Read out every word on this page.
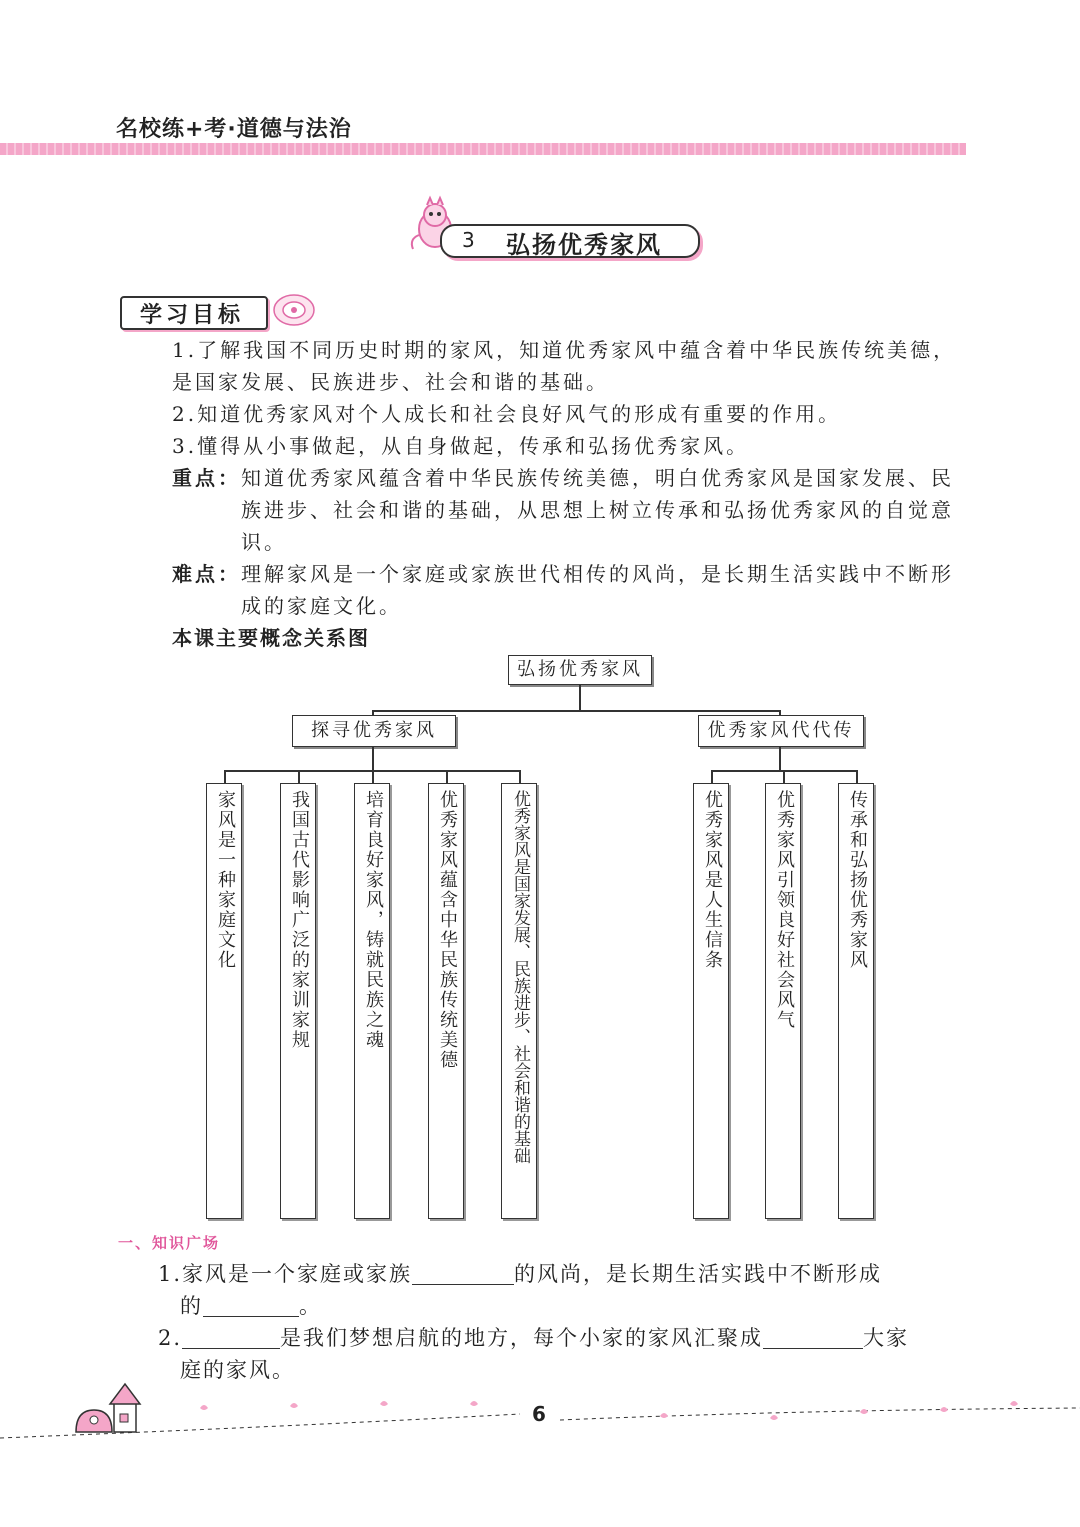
名校练+考·道德与法治
3 弘扬优秀家风
学习目标
1.了解我国不同历史时期的家风，知道优秀家风中蕴含着中华民族传统美德，是国家发展、民族进步、社会和谐的基础。
2.知道优秀家风对个人成长和社会良好风气的形成有重要的作用。
3.懂得从小事做起，从自身做起，传承和弘扬优秀家风。
重点： 知道优秀家风蕴含着中华民族传统美德，明白优秀家风是国家发展、民族进步、社会和谐的基础，从思想上树立传承和弘扬优秀家风的自觉意识。
难点： 理解家风是一个家庭或家族世代相传的风尚，是长期生活实践中不断形成的家庭文化。
本课主要概念关系图
弘扬优秀家风
探寻优秀家风	优秀家风代代传
家风是一种家庭文化	我国古代影响广泛的家训家规	培育良好家风，铸就民族之魂	优秀家风蕴含中华民族传统美德	优秀家风是国家发展、民族进步、社会和谐的基础	优秀家风是人生信条	优秀家风引领良好社会风气	传承和弘扬优秀家风
一、知识广场
1.家风是一个家庭或家族	的风尚，是长期生活实践中不断形成
的	。
2.	是我们梦想启航的地方，每个小家的家风汇聚成	大家
庭的家风。
6
